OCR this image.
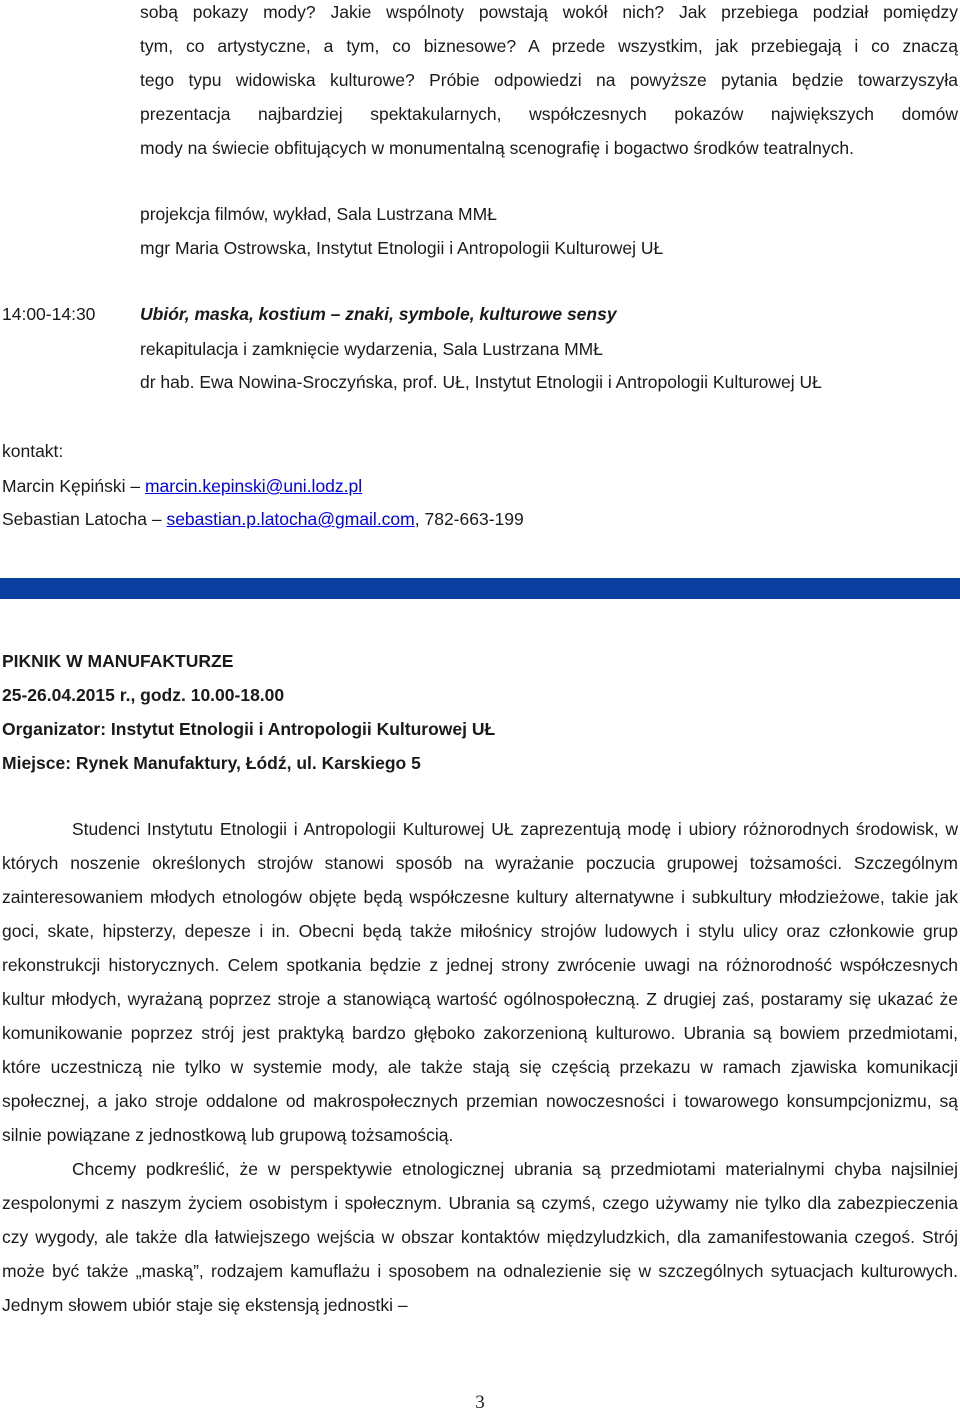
sobą pokazy mody? Jakie wspólnoty powstają wokół nich? Jak przebiega podział pomiędzy
tym, co artystyczne, a tym, co biznesowe? A przede wszystkim, jak przebiegają i co znaczą
tego typu widowiska kulturowe? Próbie odpowiedzi na powyższe pytania będzie towarzyszyła
prezentacja najbardziej spektakularnych, współczesnych pokazów największych domów
mody na świecie obfitujących w monumentalną scenografię i bogactwo środków teatralnych.
projekcja filmów, wykład, Sala Lustrzana MMŁ
mgr Maria Ostrowska, Instytut Etnologii i Antropologii Kulturowej UŁ
14:00-14:30	Ubiór, maska, kostium – znaki, symbole, kulturowe sensy
rekapitulacja i zamknięcie wydarzenia, Sala Lustrzana MMŁ
dr hab. Ewa Nowina-Sroczyńska, prof. UŁ, Instytut Etnologii i Antropologii Kulturowej UŁ
kontakt:
Marcin Kępiński – marcin.kepinski@uni.lodz.pl
Sebastian Latocha – sebastian.p.latocha@gmail.com, 782-663-199
PIKNIK W MANUFAKTURZE
25-26.04.2015 r., godz. 10.00-18.00
Organizator: Instytut Etnologii i Antropologii Kulturowej UŁ
Miejsce: Rynek Manufaktury, Łódź, ul. Karskiego 5

Studenci Instytutu Etnologii i Antropologii Kulturowej UŁ zaprezentują modę i ubiory różnorodnych środowisk, w których noszenie określonych strojów stanowi sposób na wyrażanie poczucia grupowej tożsamości. Szczególnym zainteresowaniem młodych etnologów objęte będą współczesne kultury alternatywne i subkultury młodzieżowe, takie jak goci, skate, hipsterzy, depesze i in. Obecni będą także miłośnicy strojów ludowych i stylu ulicy oraz członkowie grup rekonstrukcji historycznych. Celem spotkania będzie z jednej strony zwrócenie uwagi na różnorodność współczesnych kultur młodych, wyrażaną poprzez stroje a stanowiącą wartość ogólnospołeczną. Z drugiej zaś, postaramy się ukazać że komunikowanie poprzez strój jest praktyką bardzo głęboko zakorzenioną kulturowo. Ubrania są bowiem przedmiotami, które uczestniczą nie tylko w systemie mody, ale także stają się częścią przekazu w ramach zjawiska komunikacji społecznej, a jako stroje oddalone od makrospołecznych przemian nowoczesności i towarowego konsumpcjonizmu, są silnie powiązane z jednostkową lub grupową tożsamością.

Chcemy podkreślić, że w perspektywie etnologicznej ubrania są przedmiotami materialnymi chyba najsilniej zespolonymi z naszym życiem osobistym i społecznym. Ubrania są czymś, czego używamy nie tylko dla zabezpieczenia czy wygody, ale także dla łatwiejszego wejścia w obszar kontaktów międzyludzkich, dla zamanifestowania czegoś. Strój może być także „maską”, rodzajem kamuflażu i sposobem na odnalezienie się w szczególnych sytuacjach kulturowych. Jednym słowem ubiór staje się ekstensją jednostki –

3
